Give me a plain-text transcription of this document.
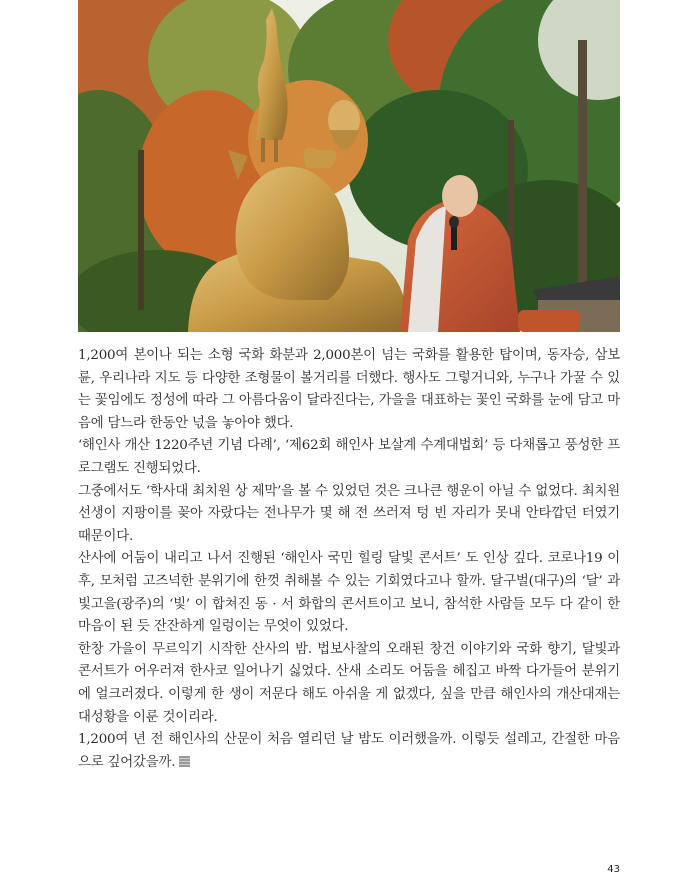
1,200여 본이나 되는 소형 국화 화분과 2,000본이 넘는 국화를 활용한 탑이며, 동자승, 삼보륜, 우리나라 지도 등 다양한 조형물이 볼거리를 더했다. 행사도 그렇거니와, 누구나 가꿀 수 있는 꽃임에도 정성에 따라 그 아름다움이 달라진다는, 가을을 대표하는 꽃인 국화를 눈에 담고 마음에 담느라 한동안 넋을 놓아야 했다.

‘해인사 개산 1220주년 기념 다례’, ‘제62회 해인사 보살계 수계대법회’ 등 다채롭고 풍성한 프로그램도 진행되었다.

그중에서도 ‘학사대 최치원 상 제막’을 볼 수 있었던 것은 크나큰 행운이 아닐 수 없었다. 최치원 선생이 지팡이를 꽂아 자랐다는 전나무가 몇 해 전 쓰러져 텅 빈 자리가 못내 안타깝던 터였기 때문이다.

산사에 어둠이 내리고 나서 진행된 ‘해인사 국민 힐링 달빛 콘서트’ 도 인상 깊다. 코로나19 이후, 모처럼 고즈넉한 분위기에 한껏 취해볼 수 있는 기회였다고나 할까. 달구벌(대구)의 ‘달’ 과 빛고을(광주)의 ‘빛’ 이 합쳐진 동 · 서 화합의 콘서트이고 보니, 참석한 사람들 모두 다 같이 한마음이 된 듯 잔잔하게 일렁이는 무엇이 있었다.

한창 가을이 무르익기 시작한 산사의 밤. 법보사찰의 오래된 창건 이야기와 국화 향기, 달빛과 콘서트가 어우러져 한사코 일어나기 싫었다. 산새 소리도 어둠을 헤집고 바짝 다가들어 분위기에 얼크러졌다. 이렇게 한 생이 저문다 해도 아쉬울 게 없겠다, 싶을 만큼 해인사의 개산대재는 대성황을 이룬 것이리라.

1,200여 년 전 해인사의 산문이 처음 열리던 날 밤도 이러했을까. 이렇듯 설레고, 간절한 마음으로 깊어갔을까.

43
